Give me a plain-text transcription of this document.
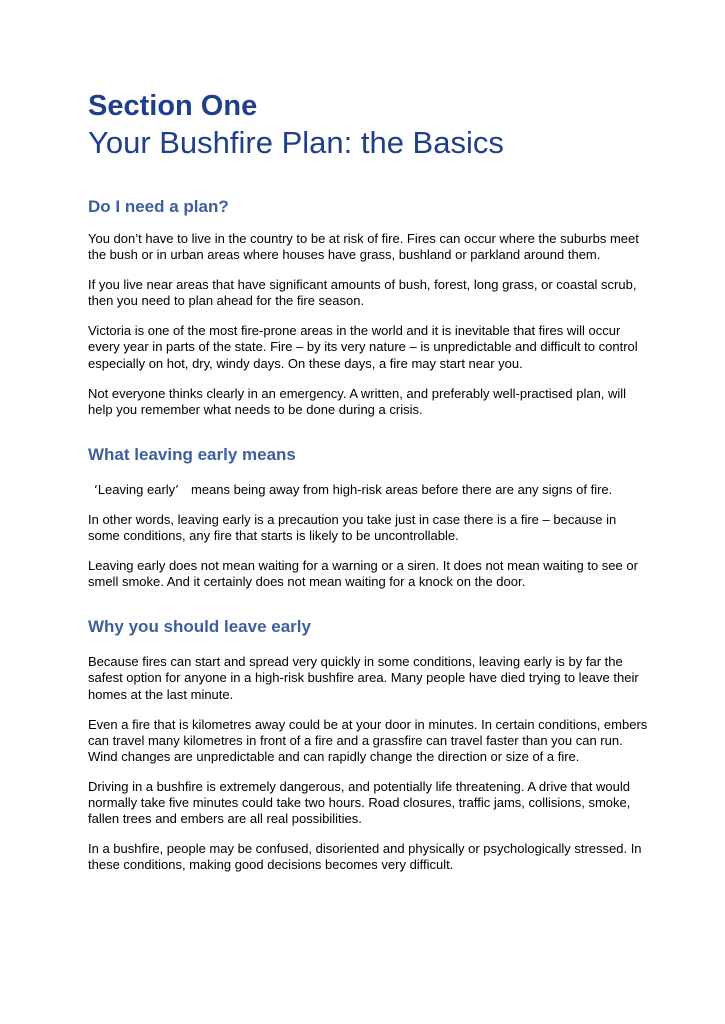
Section One
Your Bushfire Plan: the Basics
Do I need a plan?

You don’t have to live in the country to be at risk of fire. Fires can occur where the suburbs meet the bush or in urban areas where houses have grass, bushland or parkland around them.

If you live near areas that have significant amounts of bush, forest, long grass, or coastal scrub, then you need to plan ahead for the fire season.

Victoria is one of the most fire-prone areas in the world and it is inevitable that fires will occur every year in parts of the state. Fire – by its very nature – is unpredictable and difficult to control especially on hot, dry, windy days. On these days, a fire may start near you.

Not everyone thinks clearly in an emergency. A written, and preferably well-practised plan, will help you remember what needs to be done during a crisis.

What leaving early means

‘Leaving early’ means being away from high-risk areas before there are any signs of fire.

In other words, leaving early is a precaution you take just in case there is a fire – because in some conditions, any fire that starts is likely to be uncontrollable.

Leaving early does not mean waiting for a warning or a siren. It does not mean waiting to see or smell smoke. And it certainly does not mean waiting for a knock on the door.

Why you should leave early

Because fires can start and spread very quickly in some conditions, leaving early is by far the safest option for anyone in a high-risk bushfire area. Many people have died trying to leave their homes at the last minute.

Even a fire that is kilometres away could be at your door in minutes. In certain conditions, embers can travel many kilometres in front of a fire and a grassfire can travel faster than you can run. Wind changes are unpredictable and can rapidly change the direction or size of a fire.

Driving in a bushfire is extremely dangerous, and potentially life threatening. A drive that would normally take five minutes could take two hours. Road closures, traffic jams, collisions, smoke, fallen trees and embers are all real possibilities.

In a bushfire, people may be confused, disoriented and physically or psychologically stressed. In these conditions, making good decisions becomes very difficult.
